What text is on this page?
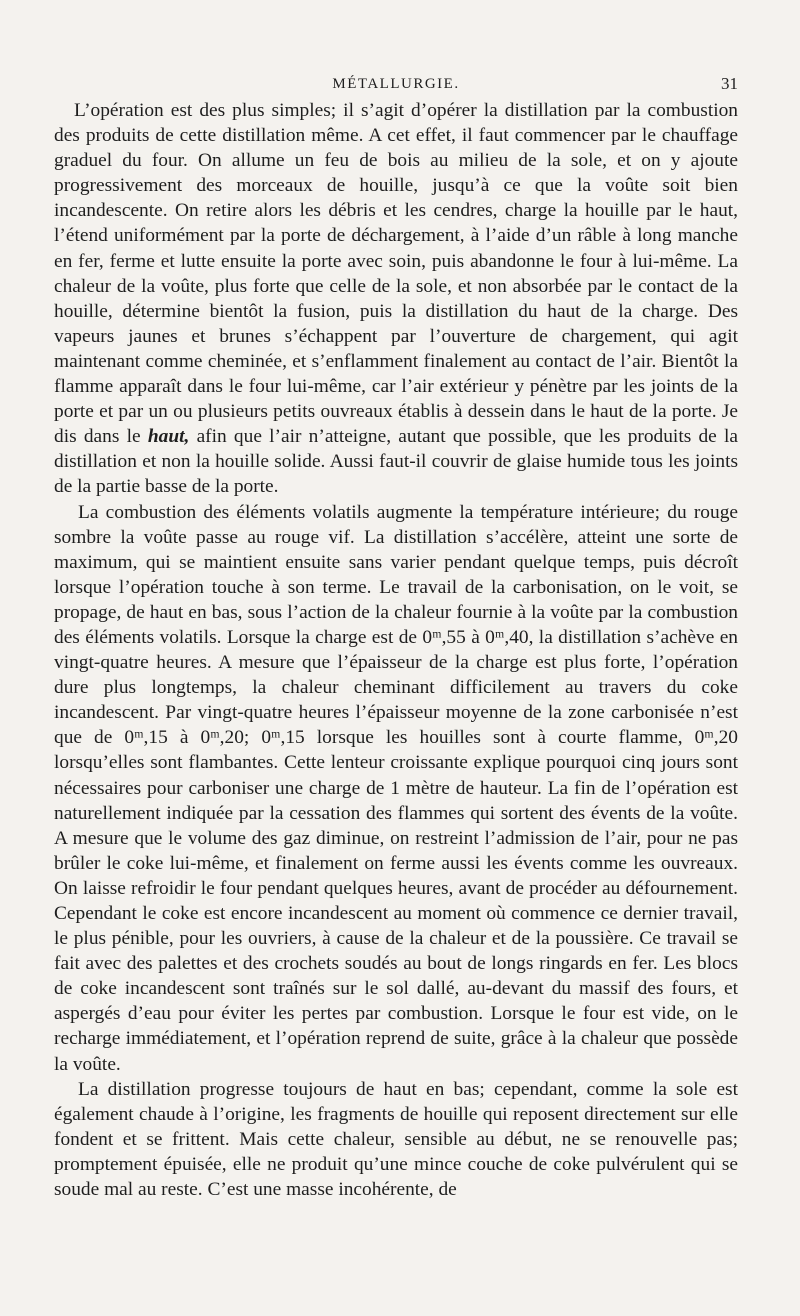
MÉTALLURGIE.	31

L’opération est des plus simples; il s’agit d’opérer la distillation par la combustion des produits de cette distillation même. A cet effet, il faut commencer par le chauffage graduel du four. On allume un feu de bois au milieu de la sole, et on y ajoute progressivement des morceaux de houille, jusqu’à ce que la voûte soit bien incandescente. On retire alors les débris et les cendres, charge la houille par le haut, l’étend uniformément par la porte de déchargement, à l’aide d’un râble à long manche en fer, ferme et lutte ensuite la porte avec soin, puis abandonne le four à lui-même. La chaleur de la voûte, plus forte que celle de la sole, et non absorbée par le contact de la houille, détermine bientôt la fusion, puis la distillation du haut de la charge. Des vapeurs jaunes et brunes s’échappent par l’ouverture de chargement, qui agit maintenant comme cheminée, et s’enflamment finalement au contact de l’air. Bientôt la flamme apparaît dans le four lui-même, car l’air extérieur y pénètre par les joints de la porte et par un ou plusieurs petits ouvreaux établis à dessein dans le haut de la porte. Je dis dans le haut, afin que l’air n’atteigne, autant que possible, que les produits de la distillation et non la houille solide. Aussi faut-il couvrir de glaise humide tous les joints de la partie basse de la porte.

La combustion des éléments volatils augmente la température intérieure; du rouge sombre la voûte passe au rouge vif. La distillation s’accélère, atteint une sorte de maximum, qui se maintient ensuite sans varier pendant quelque temps, puis décroît lorsque l’opération touche à son terme. Le travail de la carbonisation, on le voit, se propage, de haut en bas, sous l’action de la chaleur fournie à la voûte par la combustion des éléments volatils. Lorsque la charge est de 0ᵐ,55 à 0ᵐ,40, la distillation s’achève en vingt-quatre heures. A mesure que l’épaisseur de la charge est plus forte, l’opération dure plus longtemps, la chaleur cheminant difficilement au travers du coke incandescent. Par vingt-quatre heures l’épaisseur moyenne de la zone carbonisée n’est que de 0ᵐ,15 à 0ᵐ,20; 0ᵐ,15 lorsque les houilles sont à courte flamme, 0ᵐ,20 lorsqu’elles sont flambantes. Cette lenteur croissante explique pourquoi cinq jours sont nécessaires pour carboniser une charge de 1 mètre de hauteur. La fin de l’opération est naturellement indiquée par la cessation des flammes qui sortent des évents de la voûte. A mesure que le volume des gaz diminue, on restreint l’admission de l’air, pour ne pas brûler le coke lui-même, et finalement on ferme aussi les évents comme les ouvreaux. On laisse refroidir le four pendant quelques heures, avant de procéder au défournement. Cependant le coke est encore incandescent au moment où commence ce dernier travail, le plus pénible, pour les ouvriers, à cause de la chaleur et de la poussière. Ce travail se fait avec des palettes et des crochets soudés au bout de longs ringards en fer. Les blocs de coke incandescent sont traînés sur le sol dallé, au-devant du massif des fours, et aspergés d’eau pour éviter les pertes par combustion. Lorsque le four est vide, on le recharge immédiatement, et l’opération reprend de suite, grâce à la chaleur que possède la voûte.

La distillation progresse toujours de haut en bas; cependant, comme la sole est également chaude à l’origine, les fragments de houille qui reposent directement sur elle fondent et se frittent. Mais cette chaleur, sensible au début, ne se renouvelle pas; promptement épuisée, elle ne produit qu’une mince couche de coke pulvérulent qui se soude mal au reste. C’est une masse incohérente, de
